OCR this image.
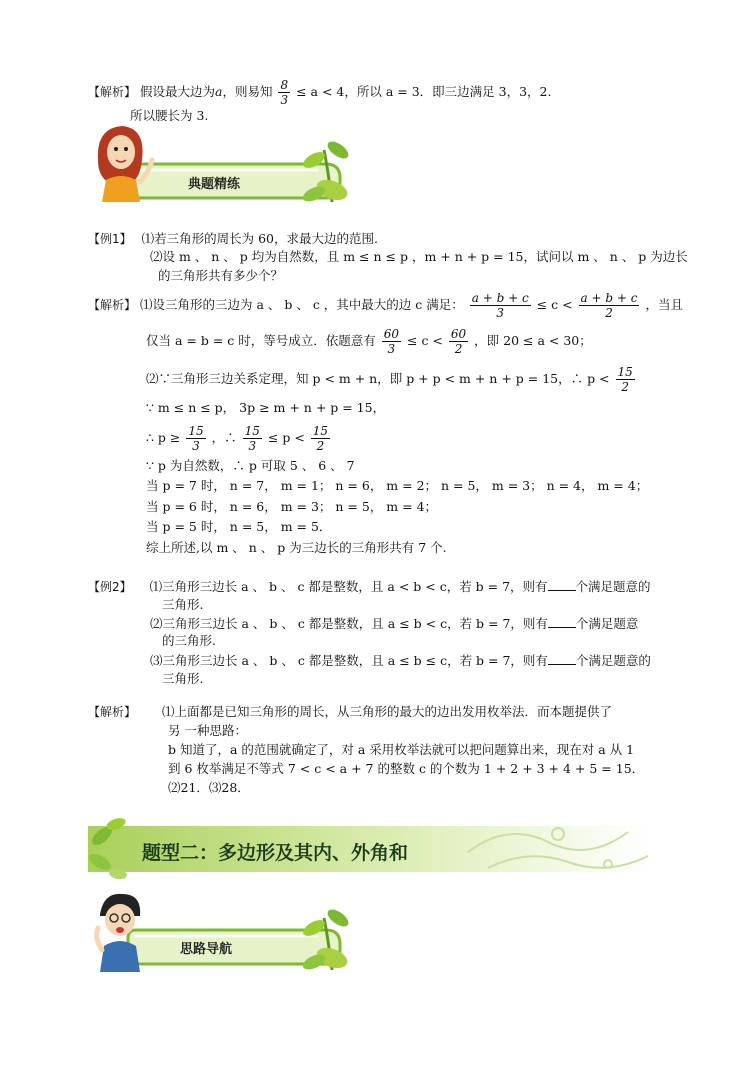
【解析】 假设最大边为a，则易知 $\frac{8}{3} \le a < 4$，所以 a = 3．即三边满足 3，3，2.
所以腰长为 3.
典题精练
【例1】 ⑴若三角形的周长为 60，求最大边的范围.
⑵设 m 、 n 、 p 均为自然数，且 m ≤ n ≤ p ，m + n + p = 15，试问以 m 、 n 、 p 为边长
的三角形共有多少个？
【解析】 ⑴设三角形的三边为 a 、 b 、 c ，其中最大的边 c 满足： $\frac{a + b + c}{3} \le c < \frac{a + b + c}{2}$ ，当且
仅当 a = b = c 时，等号成立．依题意有 $\frac{60}{3} \le c < \frac{60}{2}$ ，即 20 ≤ a < 30；
⑵∵三角形三边关系定理，知 p < m + n，即 p + p < m + n + p = 15，∴ $p < \frac{15}{2}$
∵ m ≤ n ≤ p， 3p ≥ m + n + p = 15，
∴ $p \ge \frac{15}{3}$ ，∴ $\frac{15}{3} \le p < \frac{15}{2}$
∵ p 为自然数，∴ p 可取 5 、 6 、 7
当 p = 7 时， n = 7， m = 1； n = 6， m = 2； n = 5， m = 3； n = 4， m = 4；
当 p = 6 时， n = 6， m = 3； n = 5， m = 4；
当 p = 5 时， n = 5， m = 5．
综上所述,以 m 、 n 、 p 为三边长的三角形共有 7 个.
【例2】 ⑴三角形三边长 a 、 b 、 c 都是整数，且 a < b < c，若 b = 7，则有 个满足题意的
三角形.
⑵三角形三边长 a 、 b 、 c 都是整数，且 a ≤ b < c，若 b = 7，则有 个满足题意
的三角形.
⑶三角形三边长 a 、 b 、 c 都是整数，且 a ≤ b ≤ c，若 b = 7，则有 个满足题意的
三角形.
【解析】 ⑴上面都是已知三角形的周长，从三角形的最大的边出发用枚举法．而本题提供了
另 一种思路：
b 知道了，a 的范围就确定了，对 a 采用枚举法就可以把问题算出来，现在对 a 从 1
到 6 枚举满足不等式 7 < c < a + 7 的整数 c 的个数为 1 + 2 + 3 + 4 + 5 = 15．
⑵21．⑶28．
题型二：多边形及其内、外角和
思路导航
